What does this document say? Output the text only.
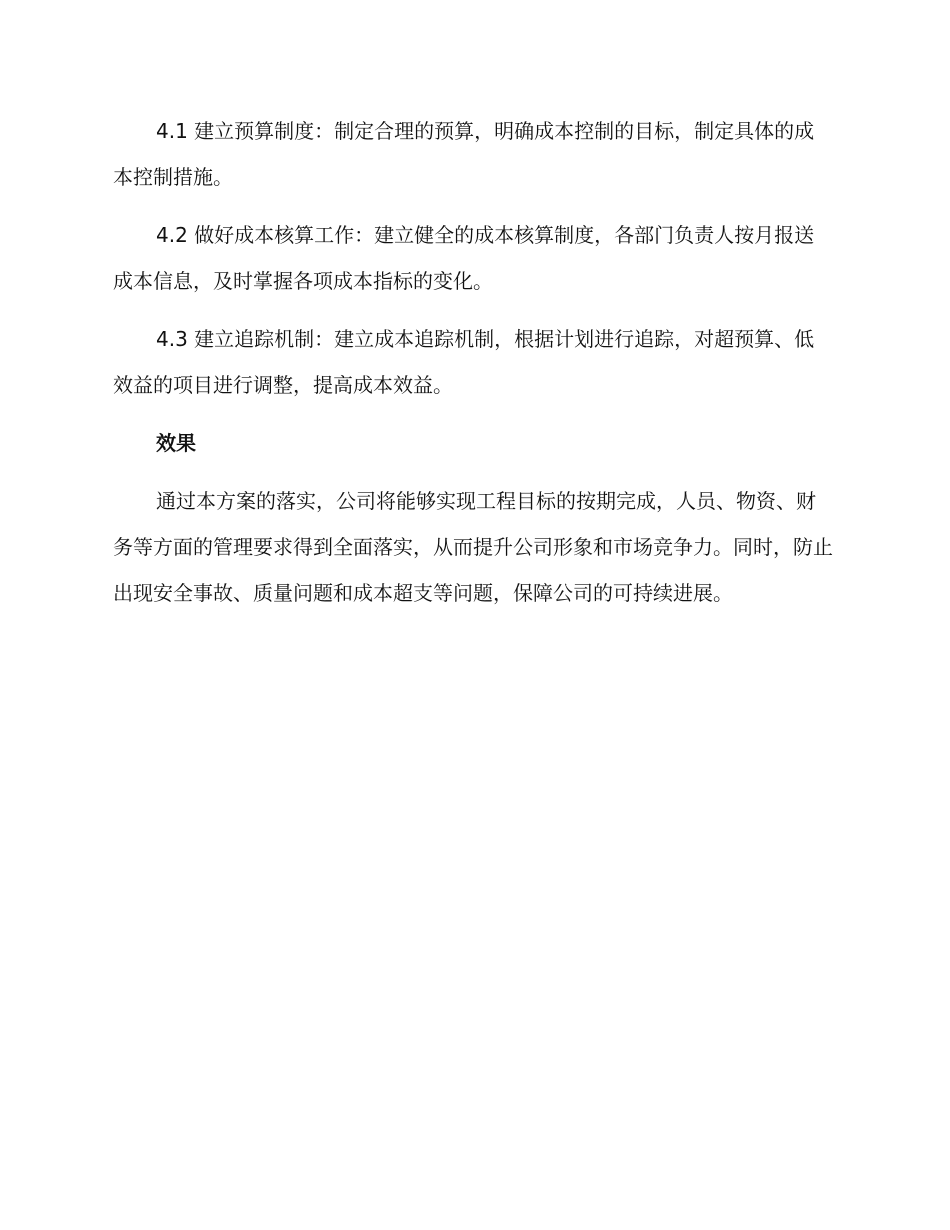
4.1 建立预算制度：制定合理的预算，明确成本控制的目标，制定具体的成本控制措施。

4.2 做好成本核算工作：建立健全的成本核算制度，各部门负责人按月报送成本信息，及时掌握各项成本指标的变化。

4.3 建立追踪机制：建立成本追踪机制，根据计划进行追踪，对超预算、低效益的项目进行调整，提高成本效益。

效果

通过本方案的落实，公司将能够实现工程目标的按期完成，人员、物资、财务等方面的管理要求得到全面落实，从而提升公司形象和市场竞争力。同时，防止出现安全事故、质量问题和成本超支等问题，保障公司的可持续进展。
